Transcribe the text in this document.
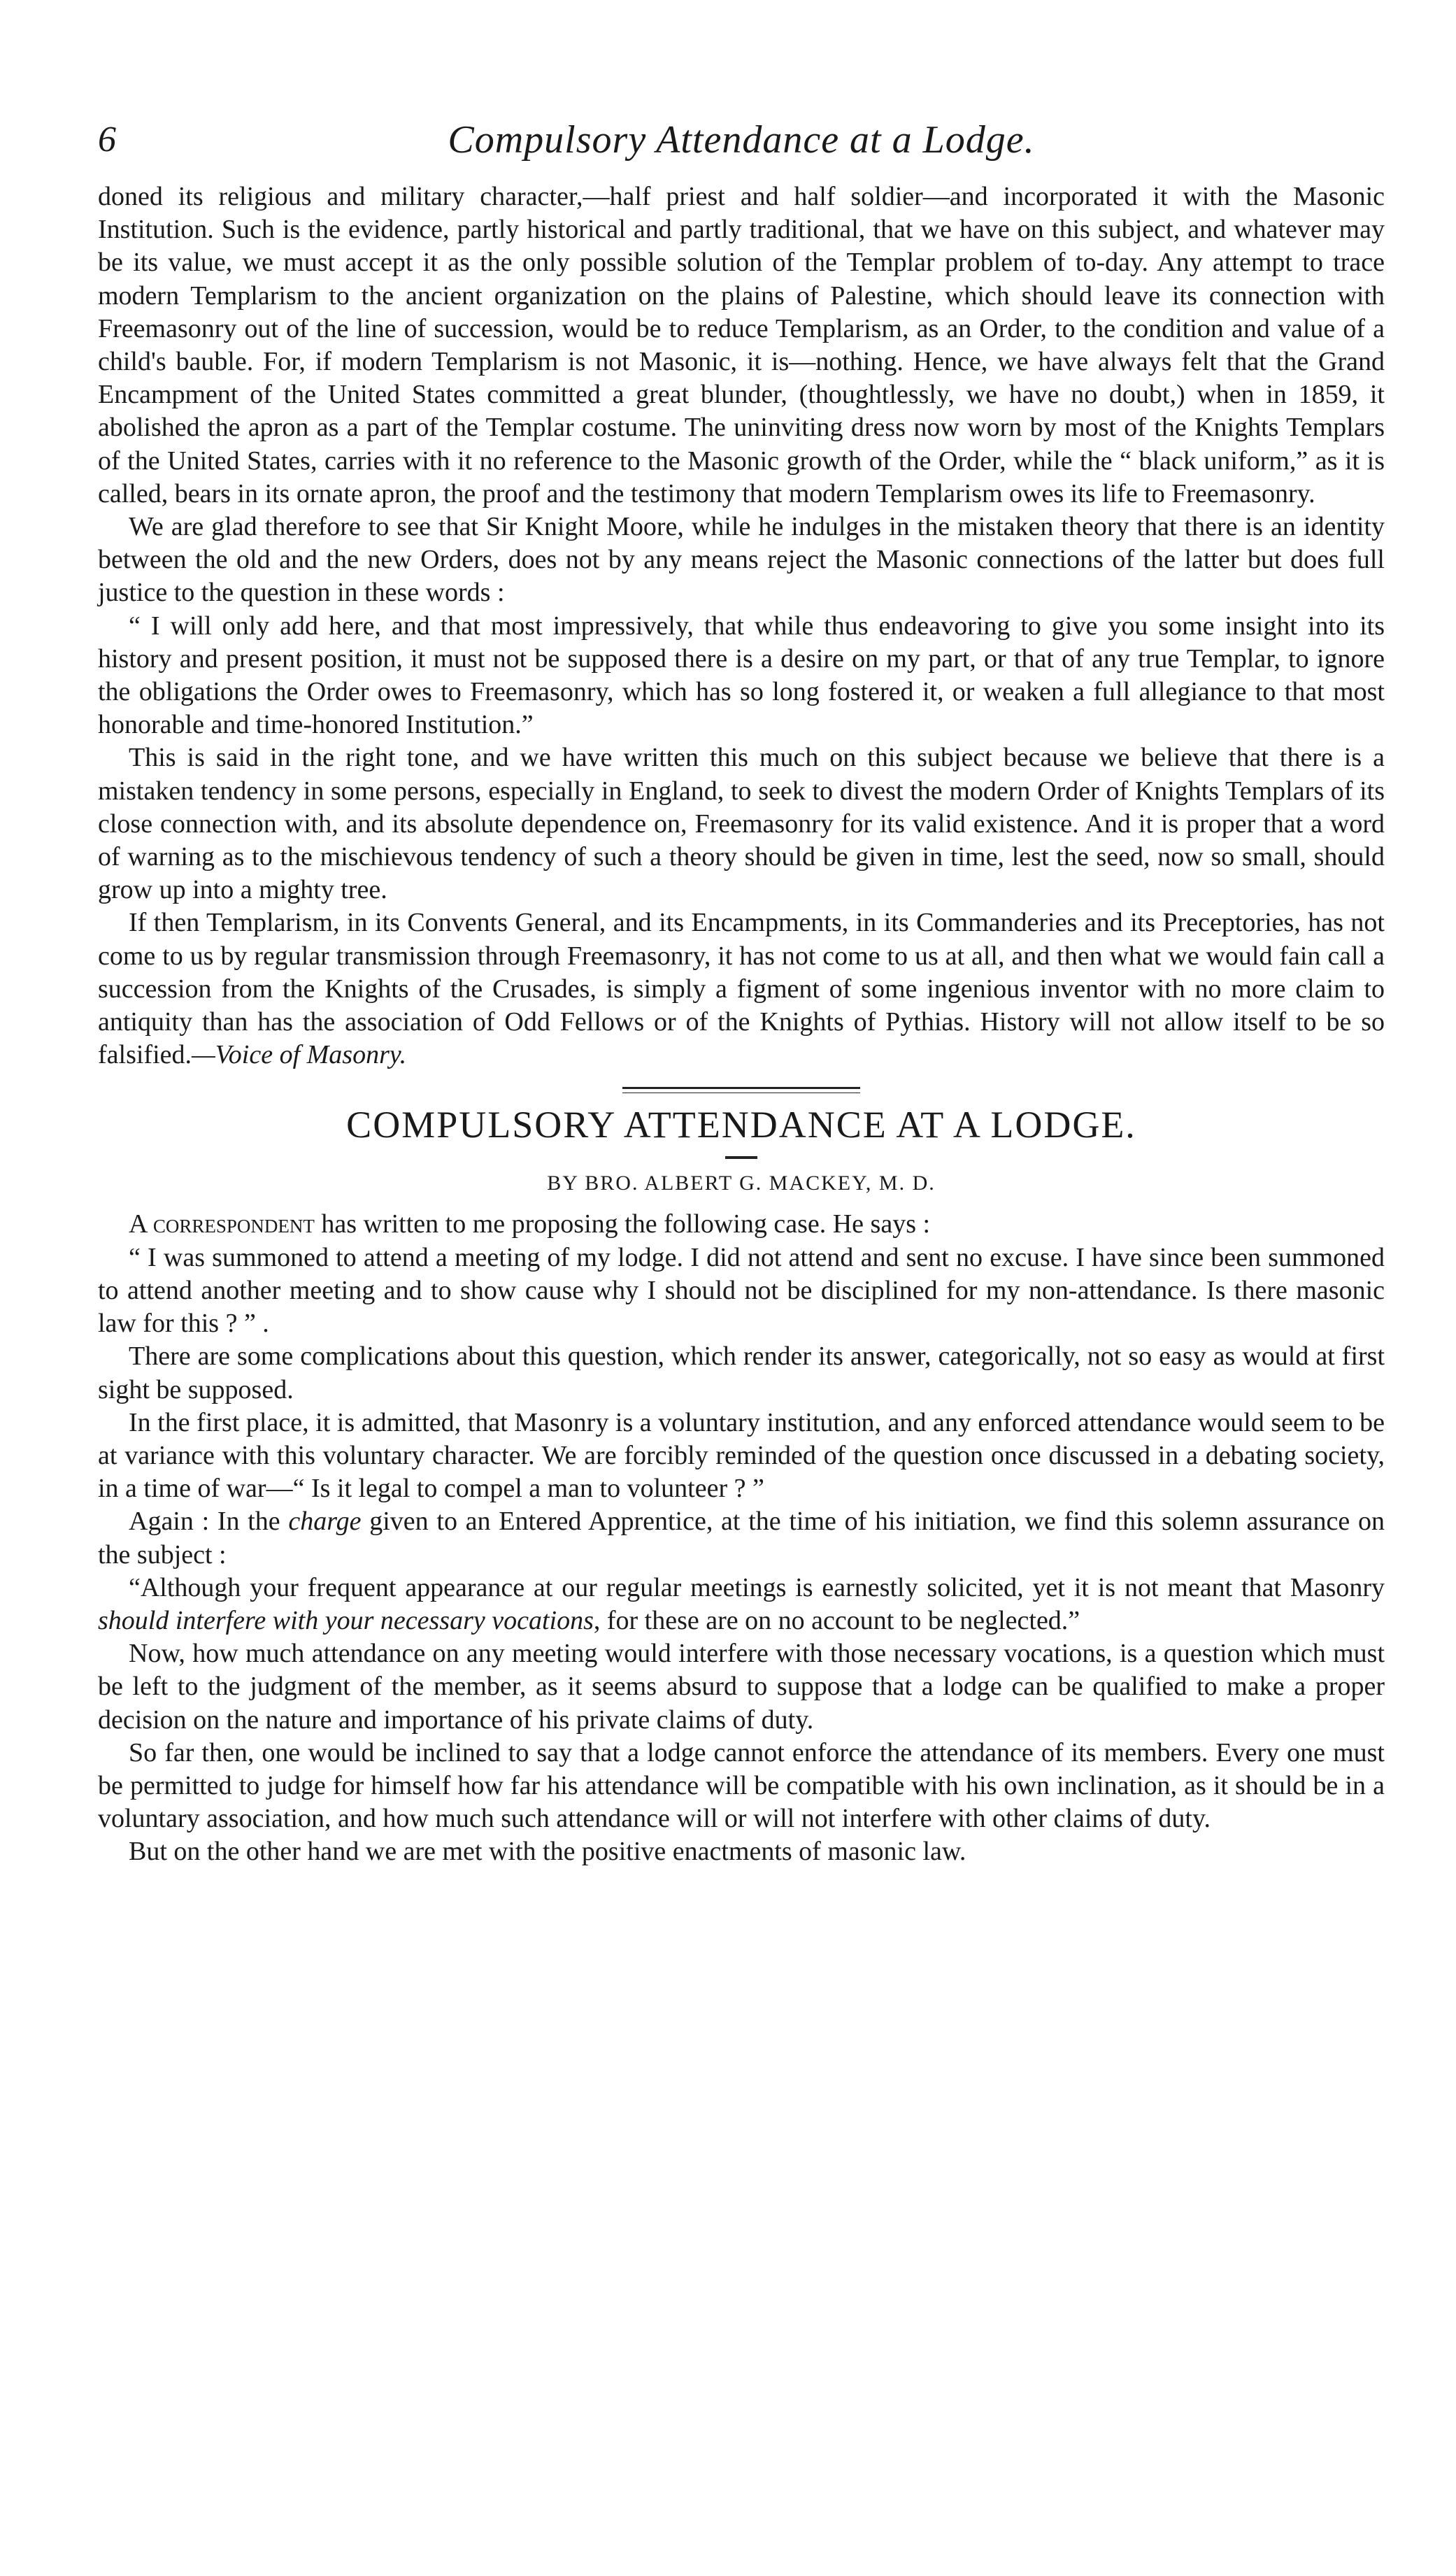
6	Compulsory Attendance at a Lodge.

doned its religious and military character,—half priest and half soldier—and incorporated it with the Masonic Institution. Such is the evidence, partly historical and partly traditional, that we have on this subject, and whatever may be its value, we must accept it as the only possible solution of the Templar problem of to-day. Any attempt to trace modern Templarism to the ancient organization on the plains of Palestine, which should leave its connection with Freemasonry out of the line of succession, would be to reduce Templarism, as an Order, to the condition and value of a child's bauble. For, if modern Templarism is not Masonic, it is—nothing. Hence, we have always felt that the Grand Encampment of the United States committed a great blunder, (thoughtlessly, we have no doubt,) when in 1859, it abolished the apron as a part of the Templar costume. The uninviting dress now worn by most of the Knights Templars of the United States, carries with it no reference to the Masonic growth of the Order, while the “ black uniform,” as it is called, bears in its ornate apron, the proof and the testimony that modern Templarism owes its life to Freemasonry.

We are glad therefore to see that Sir Knight Moore, while he indulges in the mistaken theory that there is an identity between the old and the new Orders, does not by any means reject the Masonic connections of the latter but does full justice to the question in these words :

“ I will only add here, and that most impressively, that while thus endeavoring to give you some insight into its history and present position, it must not be supposed there is a desire on my part, or that of any true Templar, to ignore the obligations the Order owes to Freemasonry, which has so long fostered it, or weaken a full allegiance to that most honorable and time-honored Institution.”

This is said in the right tone, and we have written this much on this subject because we believe that there is a mistaken tendency in some persons, especially in England, to seek to divest the modern Order of Knights Templars of its close connection with, and its absolute dependence on, Freemasonry for its valid existence. And it is proper that a word of warning as to the mischievous tendency of such a theory should be given in time, lest the seed, now so small, should grow up into a mighty tree.

If then Templarism, in its Convents General, and its Encampments, in its Commanderies and its Preceptories, has not come to us by regular transmission through Freemasonry, it has not come to us at all, and then what we would fain call a succession from the Knights of the Crusades, is simply a figment of some ingenious inventor with no more claim to antiquity than has the association of Odd Fellows or of the Knights of Pythias. History will not allow itself to be so falsified.—Voice of Masonry.

COMPULSORY ATTENDANCE AT A LODGE.
BY BRO. ALBERT G. MACKEY, M. D.

A correspondent has written to me proposing the following case. He says :

“ I was summoned to attend a meeting of my lodge. I did not attend and sent no excuse. I have since been summoned to attend another meeting and to show cause why I should not be disciplined for my non-attendance. Is there masonic law for this ? ” .

There are some complications about this question, which render its answer, categorically, not so easy as would at first sight be supposed.

In the first place, it is admitted, that Masonry is a voluntary institution, and any enforced attendance would seem to be at variance with this voluntary character. We are forcibly reminded of the question once discussed in a debating society, in a time of war—“ Is it legal to compel a man to volunteer ? ”

Again : In the charge given to an Entered Apprentice, at the time of his initiation, we find this solemn assurance on the subject :

“Although your frequent appearance at our regular meetings is earnestly solicited, yet it is not meant that Masonry should interfere with your necessary vocations, for these are on no account to be neglected.”

Now, how much attendance on any meeting would interfere with those necessary vocations, is a question which must be left to the judgment of the member, as it seems absurd to suppose that a lodge can be qualified to make a proper decision on the nature and importance of his private claims of duty.

So far then, one would be inclined to say that a lodge cannot enforce the attendance of its members. Every one must be permitted to judge for himself how far his attendance will be compatible with his own inclination, as it should be in a voluntary association, and how much such attendance will or will not interfere with other claims of duty.

But on the other hand we are met with the positive enactments of masonic law.
